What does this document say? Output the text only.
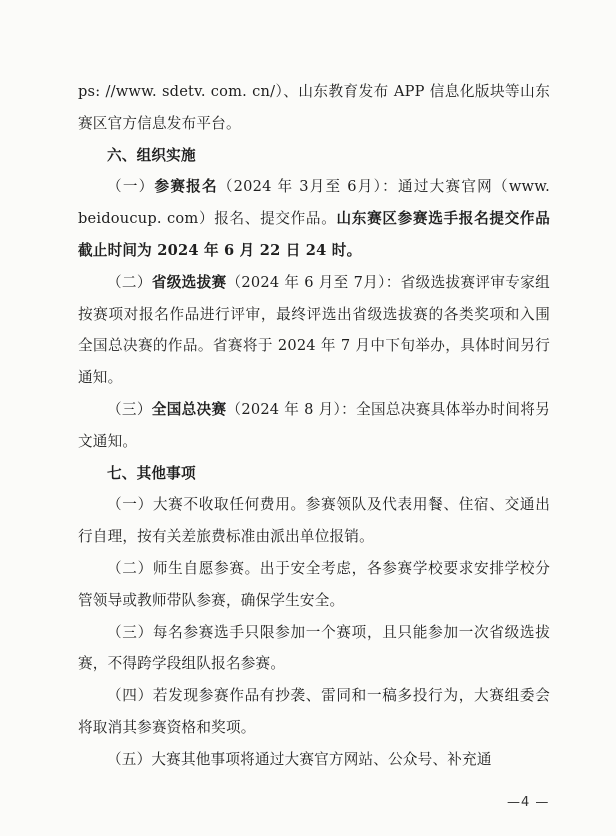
ps: //www. sdetv. com. cn/）、山东教育发布 APP 信息化版块等山东赛区官方信息发布平台。

六、组织实施

（一）参赛报名（2024 年 3月至 6月）：通过大赛官网（www. beidoucup. com）报名、提交作品。山东赛区参赛选手报名提交作品截止时间为 2024 年 6 月 22 日 24 时。

（二）省级选拔赛（2024 年 6 月至 7月）：省级选拔赛评审专家组按赛项对报名作品进行评审，最终评选出省级选拔赛的各类奖项和入围全国总决赛的作品。省赛将于 2024 年 7 月中下旬举办，具体时间另行通知。

（三）全国总决赛（2024 年 8 月）：全国总决赛具体举办时间将另文通知。

七、其他事项

（一）大赛不收取任何费用。参赛领队及代表用餐、住宿、交通出行自理，按有关差旅费标准由派出单位报销。

（二）师生自愿参赛。出于安全考虑，各参赛学校要求安排学校分管领导或教师带队参赛，确保学生安全。

（三）每名参赛选手只限参加一个赛项，且只能参加一次省级选拔赛，不得跨学段组队报名参赛。

（四）若发现参赛作品有抄袭、雷同和一稿多投行为，大赛组委会将取消其参赛资格和奖项。

（五）大赛其他事项将通过大赛官方网站、公众号、补充通

—4 —
